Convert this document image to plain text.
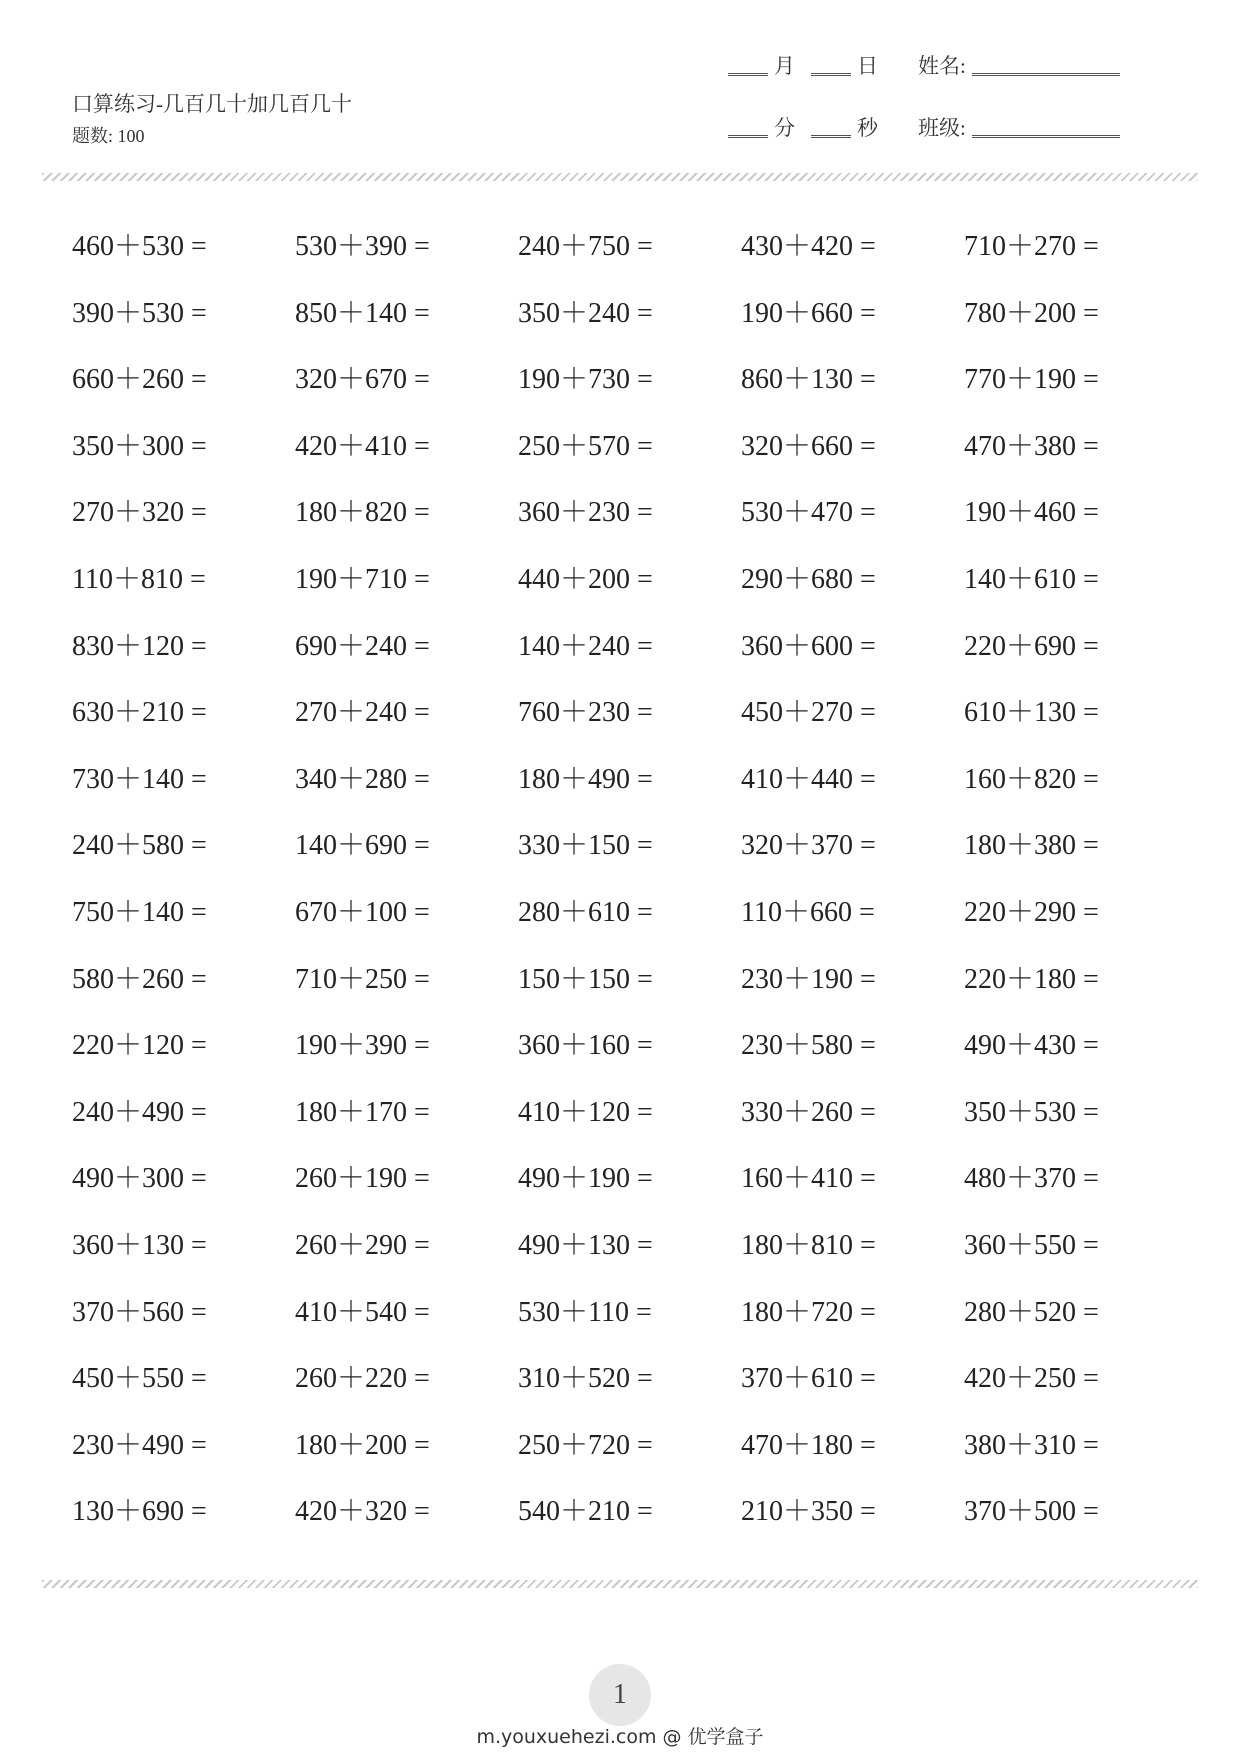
口算练习-几百几十加几百几十
题数: 100
月	日 姓名:
分	秒 班级:
460＋530 =	530＋390 =	240＋750 =	430＋420 =	710＋270 =
390＋530 =	850＋140 =	350＋240 =	190＋660 =	780＋200 =
660＋260 =	320＋670 =	190＋730 =	860＋130 =	770＋190 =
350＋300 =	420＋410 =	250＋570 =	320＋660 =	470＋380 =
270＋320 =	180＋820 =	360＋230 =	530＋470 =	190＋460 =
110＋810 =	190＋710 =	440＋200 =	290＋680 =	140＋610 =
830＋120 =	690＋240 =	140＋240 =	360＋600 =	220＋690 =
630＋210 =	270＋240 =	760＋230 =	450＋270 =	610＋130 =
730＋140 =	340＋280 =	180＋490 =	410＋440 =	160＋820 =
240＋580 =	140＋690 =	330＋150 =	320＋370 =	180＋380 =
750＋140 =	670＋100 =	280＋610 =	110＋660 =	220＋290 =
580＋260 =	710＋250 =	150＋150 =	230＋190 =	220＋180 =
220＋120 =	190＋390 =	360＋160 =	230＋580 =	490＋430 =
240＋490 =	180＋170 =	410＋120 =	330＋260 =	350＋530 =
490＋300 =	260＋190 =	490＋190 =	160＋410 =	480＋370 =
360＋130 =	260＋290 =	490＋130 =	180＋810 =	360＋550 =
370＋560 =	410＋540 =	530＋110 =	180＋720 =	280＋520 =
450＋550 =	260＋220 =	310＋520 =	370＋610 =	420＋250 =
230＋490 =	180＋200 =	250＋720 =	470＋180 =	380＋310 =
130＋690 =	420＋320 =	540＋210 =	210＋350 =	370＋500 =
1
m.youxuehezi.com @ 优学盒子
